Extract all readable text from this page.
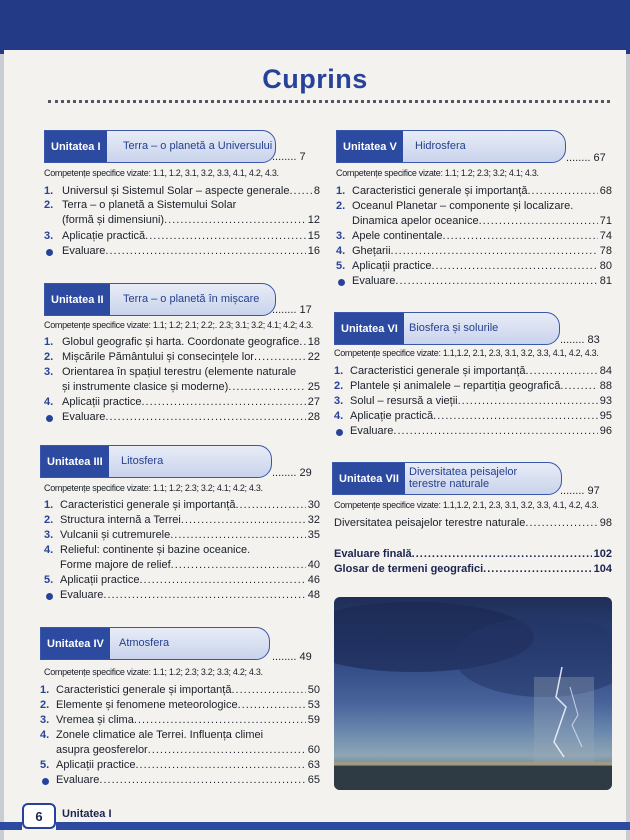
Cuprins
Unitatea I	Terra – o planetă a Universului
........ 7
Competențe specifice vizate: 1.1, 1.2, 3.1, 3.2, 3.3, 4.1, 4.2, 4.3.
1. Universul și Sistemul Solar – aspecte generale ..... 8
2. Terra – o planetă a Sistemului Solar
(formă și dimensiuni) .....	12
3. Aplicație practică .....	15
Evaluare .....	16
Unitatea II	Terra – o planetă în mișcare
........ 17
Competențe specifice vizate: 1.1; 1.2; 2.1; 2.2;. 2.3; 3.1; 3.2; 4.1; 4.2; 4.3.
1. Globul geografic și harta. Coordonate geografice ..... 18
2. Mișcările Pământului și consecințele lor .....	22
3. Orientarea în spațiul terestru (elemente naturale
și instrumente clasice și moderne) .....	25
4. Aplicații practice .....	27
Evaluare .....	28
Unitatea III	Litosfera
........ 29
Competențe specifice vizate: 1.1; 1.2; 2.3; 3.2; 4.1; 4.2; 4.3.
1. Caracteristici generale și importanță .....	30
2. Structura internă a Terrei .....	32
3. Vulcanii și cutremurele .....	35
4. Relieful: continente și bazine oceanice.
Forme majore de relief .....	40
5. Aplicații practice .....	46
Evaluare .....	48
Unitatea IV	Atmosfera
........ 49
Competențe specifice vizate: 1.1; 1.2; 2.3; 3.2; 3.3; 4.2; 4.3.
1. Caracteristici generale și importanță .....	50
2. Elemente și fenomene meteorologice .....	53
3. Vremea și clima .....	59
4. Zonele climatice ale Terrei. Influența climei
asupra geosferelor .....	60
5. Aplicații practice .....	63
Evaluare .....	65
Unitatea V	Hidrosfera
........ 67
Competențe specifice vizate: 1.1; 1.2; 2.3; 3.2; 4.1; 4.3.
1. Caracteristici generale și importanță .....	68
2. Oceanul Planetar – componente și localizare.
Dinamica apelor oceanice .....	71
3. Apele continentale .....	74
4. Ghețarii .....	78
5. Aplicații practice .....	80
Evaluare .....	81
Unitatea VI	Biosfera și solurile
........ 83
Competențe specifice vizate: 1.1,1.2, 2.1, 2.3, 3.1, 3.2, 3.3, 4.1, 4.2, 4.3.
1. Caracteristici generale și importanță .....	84
2. Plantele și animalele – repartiția geografică .....	88
3. Solul – resursă a vieții .....	93
4. Aplicație practică .....	95
Evaluare .....	96
Unitatea VII
Diversitatea peisajelor
terestre naturale
........ 97
Competențe specifice vizate: 1.1,1.2, 2.1, 2.3, 3.1, 3.2, 3.3, 4.1, 4.2, 4.3.
Diversitatea peisajelor terestre naturale .....	98
Evaluare finală .....	102
Glosar de termeni geografici .....	104
6	Unitatea I
